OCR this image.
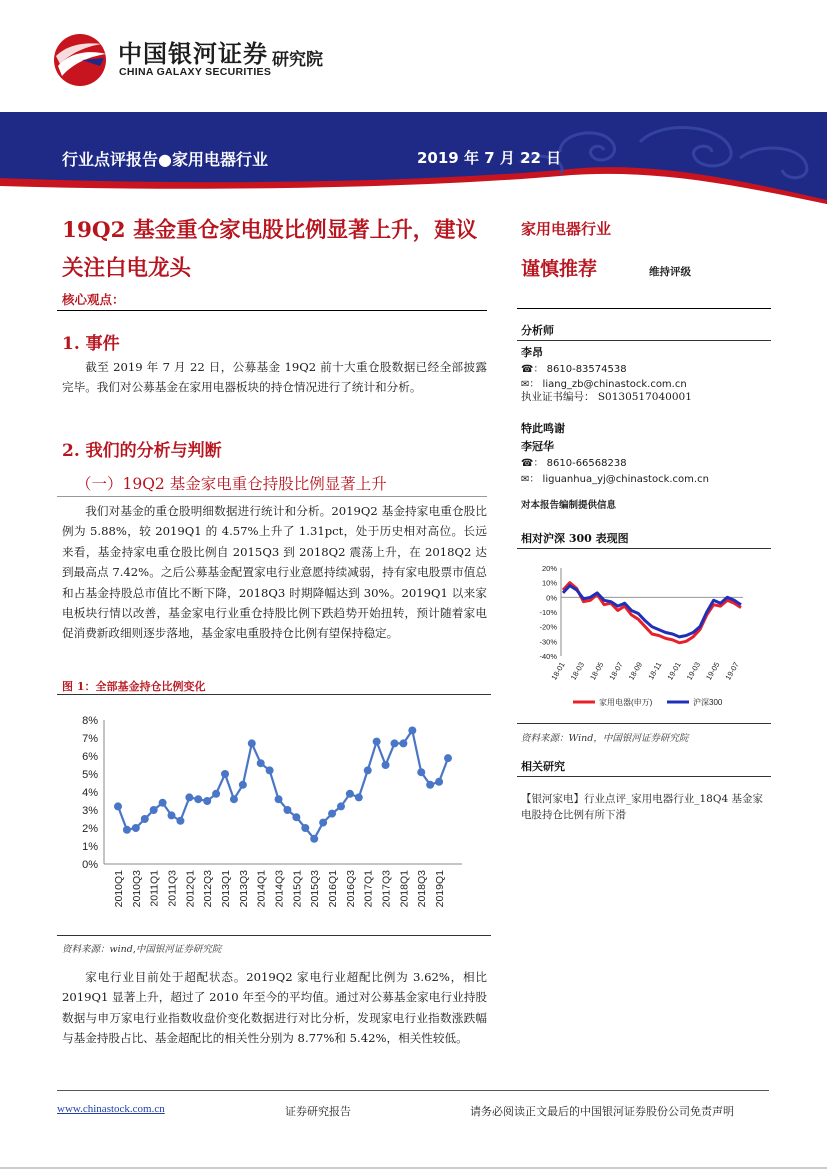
中国银河证券
CHINA GALAXY SECURITIES
研究院
行业点评报告●家用电器行业	2019 年 7 月 22 日
19Q2 基金重仓家电股比例显著上升，建议关注白电龙头
核心观点：
1. 事件
截至 2019 年 7 月 22 日，公募基金 19Q2 前十大重仓股数据已经全部披露完毕。我们对公募基金在家用电器板块的持仓情况进行了统计和分析。
2. 我们的分析与判断
（一）19Q2 基金家电重仓持股比例显著上升
我们对基金的重仓股明细数据进行统计和分析。2019Q2 基金持家电重仓股比例为 5.88%，较 2019Q1 的 4.57%上升了 1.31pct，处于历史相对高位。长远来看，基金持家电重仓股比例自 2015Q3 到 2018Q2 震荡上升，在 2018Q2 达到最高点 7.42%。之后公募基金配置家电行业意愿持续减弱，持有家电股票市值总和占基金持股总市值比不断下降，2018Q3 时期降幅达到 30%。2019Q1 以来家电板块行情以改善，基金家电行业重仓持股比例下跌趋势开始扭转，预计随着家电促消费新政细则逐步落地，基金家电重股持仓比例有望保持稳定。
图 1：全部基金持仓比例变化
0%
1%
2%
3%
4%
5%
6%
7%
8%
2010Q1 2010Q3 2011Q1 2011Q3 2012Q1 2012Q3 2013Q1 2013Q3 2014Q1 2014Q3 2015Q1 2015Q3 2016Q1 2016Q3 2017Q1 2017Q3 2018Q1 2018Q3 2019Q1
资料来源：wind,中国银河证券研究院
家电行业目前处于超配状态。2019Q2 家电行业超配比例为 3.62%，相比 2019Q1 显著上升，超过了 2010 年至今的平均值。通过对公募基金家电行业持股数据与申万家电行业指数收盘价变化数据进行对比分析，发现家电行业指数涨跌幅与基金持股占比、基金超配比的相关性分别为 8.77%和 5.42%，相关性较低。
家用电器行业
谨慎推荐	维持评级
分析师
李昂
☎： 8610-83574538
✉： liang_zb@chinastock.com.cn
执业证书编号： S0130517040001
特此鸣谢
李冠华
☎： 8610-66568238
✉： liguanhua_yj@chinastock.com.cn
对本报告编制提供信息
相对沪深 300 表现图
20%
10%
0%
-10%
-20%
-30%
-40%
18-01 18-03 18-05 18-07 18-09 18-11 19-01 19-03 19-05 19-07
家用电器(申万)	沪深300
资料来源：Wind，中国银河证券研究院
相关研究
【银河家电】行业点评_家用电器行业_18Q4 基金家电股持仓比例有所下滑
www.chinastock.com.cn	证券研究报告	请务必阅读正文最后的中国银河证券股份公司免责声明
